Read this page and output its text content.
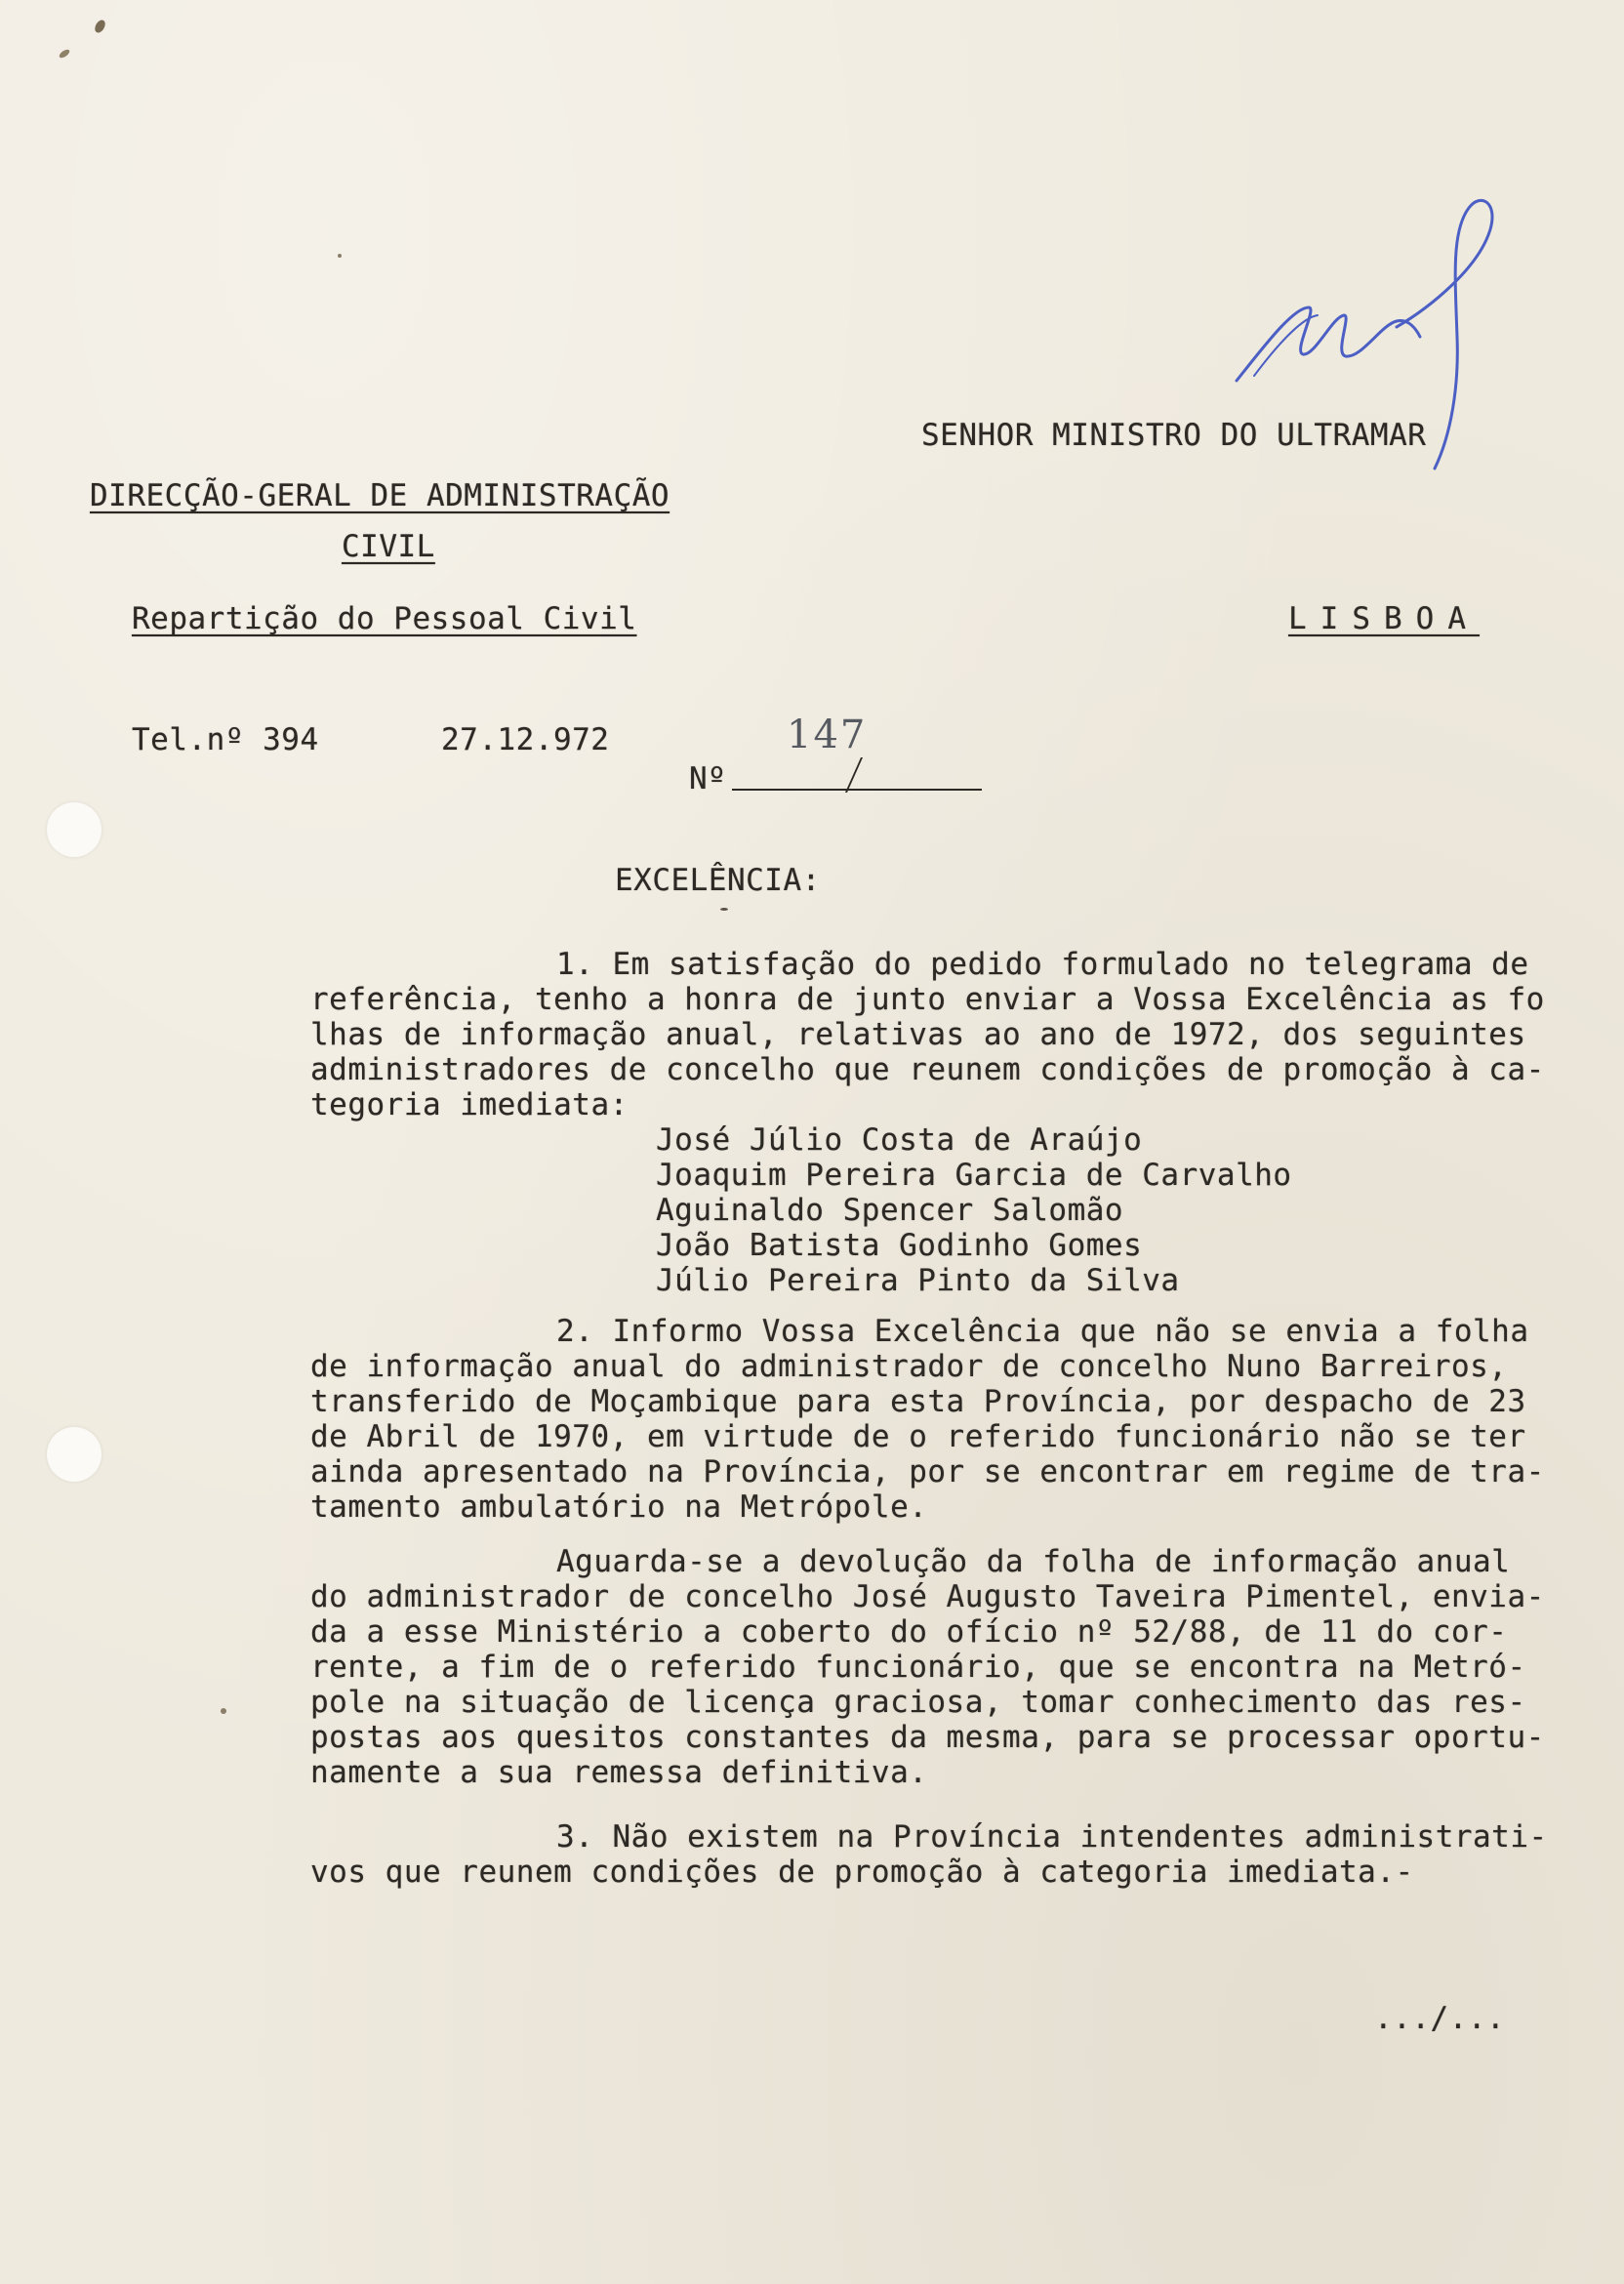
SENHOR MINISTRO DO ULTRAMAR
DIRECÇÃO-GERAL DE ADMINISTRAÇÃO
CIVIL
Repartição do Pessoal Civil	LISBOA
Tel.nº 394	27.12.972
Nº
147
EXCELÊNCIA:
1. Em satisfação do pedido formulado no telegrama de
referência, tenho a honra de junto enviar a Vossa Excelência as fo
lhas de informação anual, relativas ao ano de 1972, dos seguintes
administradores de concelho que reunem condições de promoção à ca-
tegoria imediata:
José Júlio Costa de Araújo
Joaquim Pereira Garcia de Carvalho
Aguinaldo Spencer Salomão
João Batista Godinho Gomes
Júlio Pereira Pinto da Silva
2. Informo Vossa Excelência que não se envia a folha
de informação anual do administrador de concelho Nuno Barreiros,
transferido de Moçambique para esta Província, por despacho de 23
de Abril de 1970, em virtude de o referido funcionário não se ter
ainda apresentado na Província, por se encontrar em regime de tra-
tamento ambulatório na Metrópole.
Aguarda-se a devolução da folha de informação anual
do administrador de concelho José Augusto Taveira Pimentel, envia-
da a esse Ministério a coberto do ofício nº 52/88, de 11 do cor-
rente, a fim de o referido funcionário, que se encontra na Metró-
pole na situação de licença graciosa, tomar conhecimento das res-
postas aos quesitos constantes da mesma, para se processar oportu-
namente a sua remessa definitiva.
3. Não existem na Província intendentes administrati-
vos que reunem condições de promoção à categoria imediata.-
.../...
